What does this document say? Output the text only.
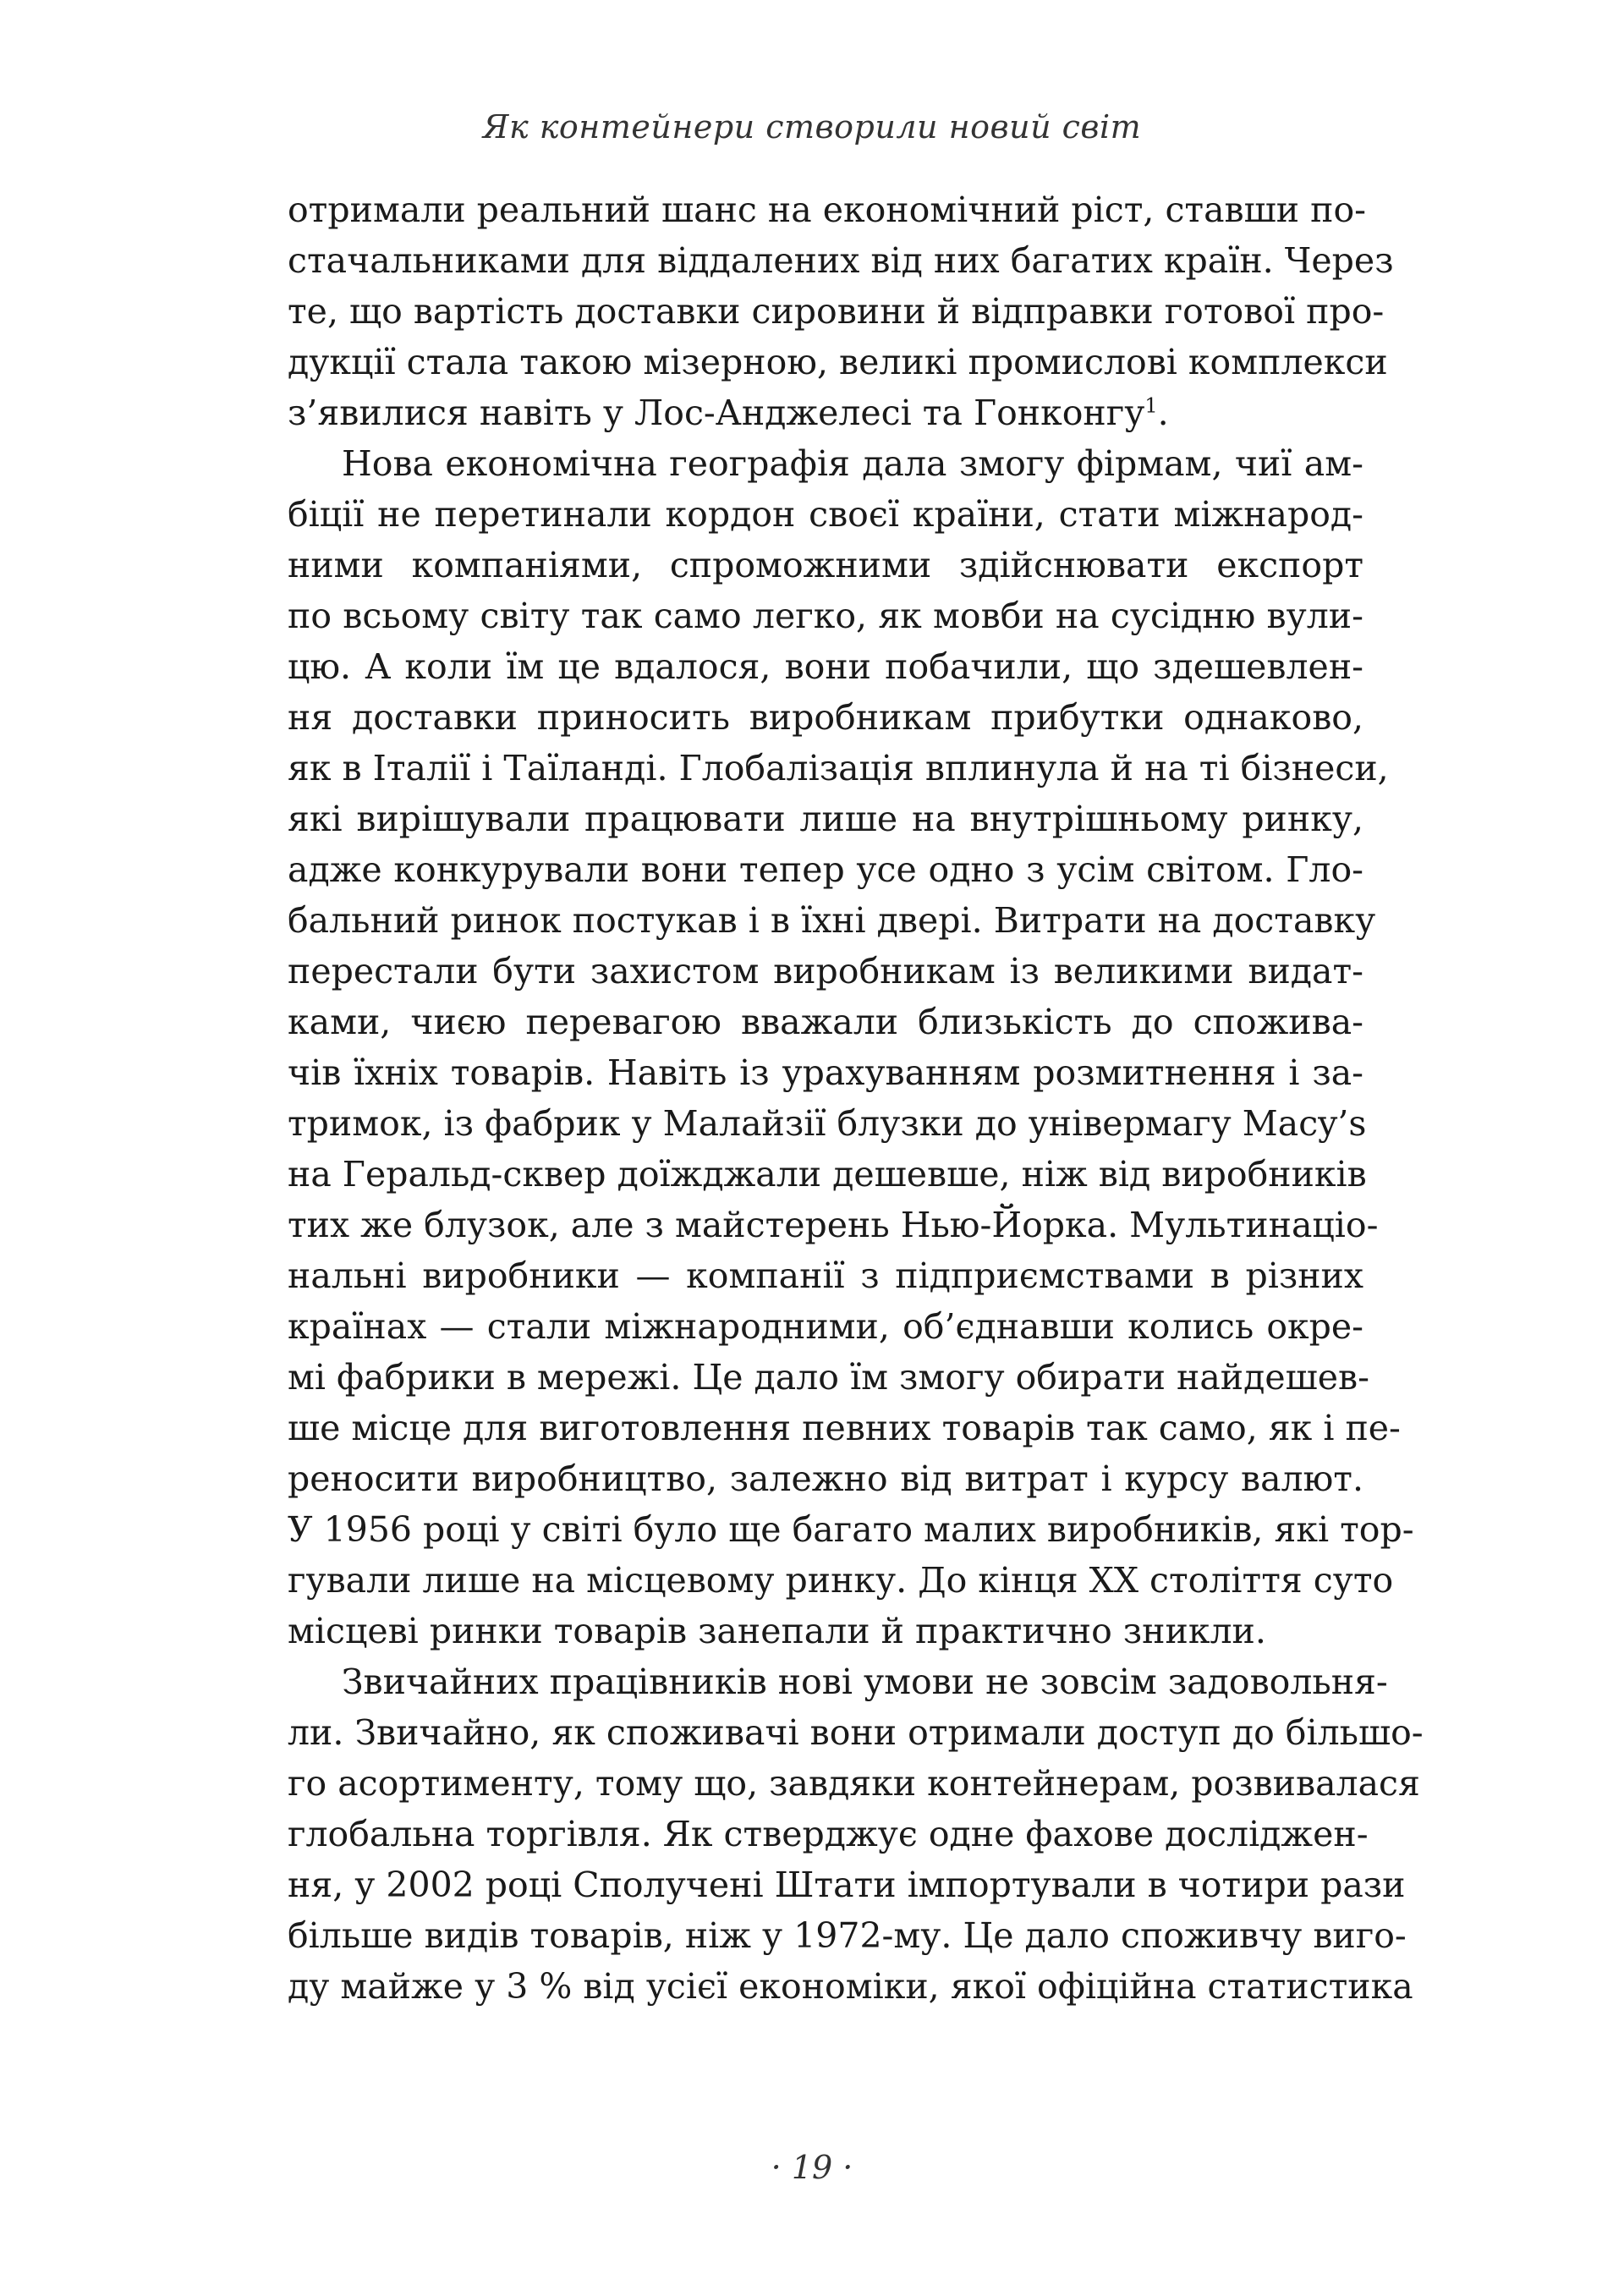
Як контейнери створили новий світ
отримали реальний шанс на економічний ріст, ставши по-
стачальниками для віддалених від них багатих країн. Через
те, що вартість доставки сировини й відправки готової про-
дукції стала такою мізерною, великі промислові комплекси
з’явилися навіть у Лос-Анджелесі та Гонконгу$^1$.
Нова економічна географія дала змогу фірмам, чиї ам-
біції не перетинали кордон своєї країни, стати міжнарод-
ними компаніями, спроможними здійснювати експорт
по всьому світу так само легко, як мовби на сусідню вули-
цю. А коли їм це вдалося, вони побачили, що здешевлен-
ня доставки приносить виробникам прибутки однаково,
як в Італії і Таїланді. Глобалізація вплинула й на ті бізнеси,
які вирішували працювати лише на внутрішньому ринку,
адже конкурували вони тепер усе одно з усім світом. Гло-
бальний ринок постукав і в їхні двері. Витрати на доставку
перестали бути захистом виробникам із великими видат-
ками, чиєю перевагою вважали близькість до спожива-
чів їхніх товарів. Навіть із урахуванням розмитнення і за-
тримок, із фабрик у Малайзії блузки до універмагу Macy’s
на Геральд-сквер доїжджали дешевше, ніж від виробників
тих же блузок, але з майстерень Нью-Йорка. Мультинаціо-
нальні виробники — компанії з підприємствами в різних
країнах — стали міжнародними, об’єднавши колись окре-
мі фабрики в мережі. Це дало їм змогу обирати найдешев-
ше місце для виготовлення певних товарів так само, як і пе-
реносити виробництво, залежно від витрат і курсу валют.
У 1956 році у світі було ще багато малих виробників, які тор-
гували лише на місцевому ринку. До кінця XX століття суто
місцеві ринки товарів занепали й практично зникли.
Звичайних працівників нові умови не зовсім задовольня-
ли. Звичайно, як споживачі вони отримали доступ до більшо-
го асортименту, тому що, завдяки контейнерам, розвивалася
глобальна торгівля. Як стверджує одне фахове досліджен-
ня, у 2002 році Сполучені Штати імпортували в чотири рази
більше видів товарів, ніж у 1972-му. Це дало споживчу виго-
ду майже у 3 % від усієї економіки, якої офіційна статистика
· 19 ·
